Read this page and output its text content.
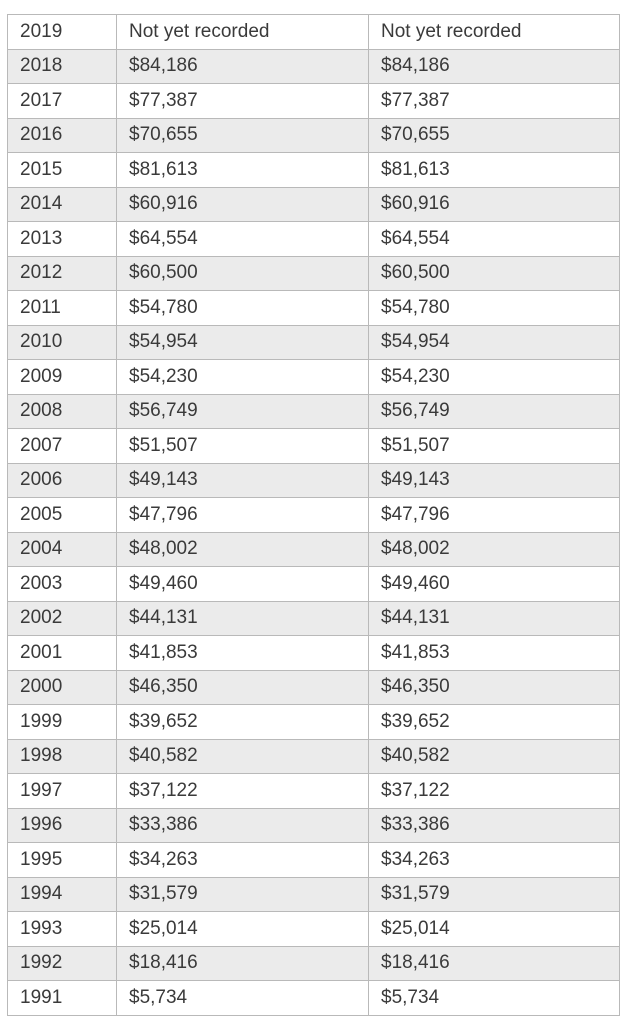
2019	Not yet recorded	Not yet recorded
2018	$84,186	$84,186
2017	$77,387	$77,387
2016	$70,655	$70,655
2015	$81,613	$81,613
2014	$60,916	$60,916
2013	$64,554	$64,554
2012	$60,500	$60,500
2011	$54,780	$54,780
2010	$54,954	$54,954
2009	$54,230	$54,230
2008	$56,749	$56,749
2007	$51,507	$51,507
2006	$49,143	$49,143
2005	$47,796	$47,796
2004	$48,002	$48,002
2003	$49,460	$49,460
2002	$44,131	$44,131
2001	$41,853	$41,853
2000	$46,350	$46,350
1999	$39,652	$39,652
1998	$40,582	$40,582
1997	$37,122	$37,122
1996	$33,386	$33,386
1995	$34,263	$34,263
1994	$31,579	$31,579
1993	$25,014	$25,014
1992	$18,416	$18,416
1991	$5,734	$5,734
